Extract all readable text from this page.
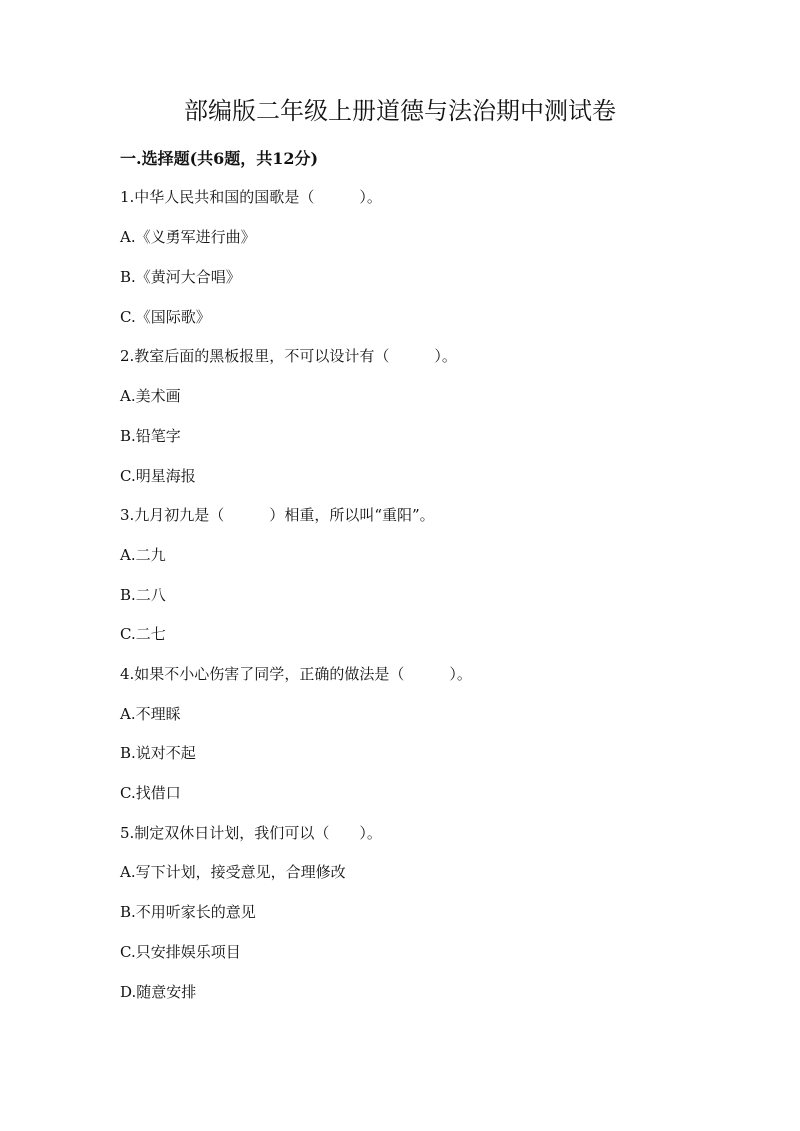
部编版二年级上册道德与法治期中测试卷
一.选择题(共6题，共12分)
1.中华人民共和国的国歌是（　　　）。
A.《义勇军进行曲》
B.《黄河大合唱》
C.《国际歌》
2.教室后面的黑板报里，不可以设计有（　　　）。
A.美术画
B.铅笔字
C.明星海报
3.九月初九是（　　　）相重，所以叫“重阳”。
A.二九
B.二八
C.二七
4.如果不小心伤害了同学，正确的做法是（　　　）。
A.不理睬
B.说对不起
C.找借口
5.制定双休日计划，我们可以（　　）。
A.写下计划，接受意见，合理修改
B.不用听家长的意见
C.只安排娱乐项目
D.随意安排
